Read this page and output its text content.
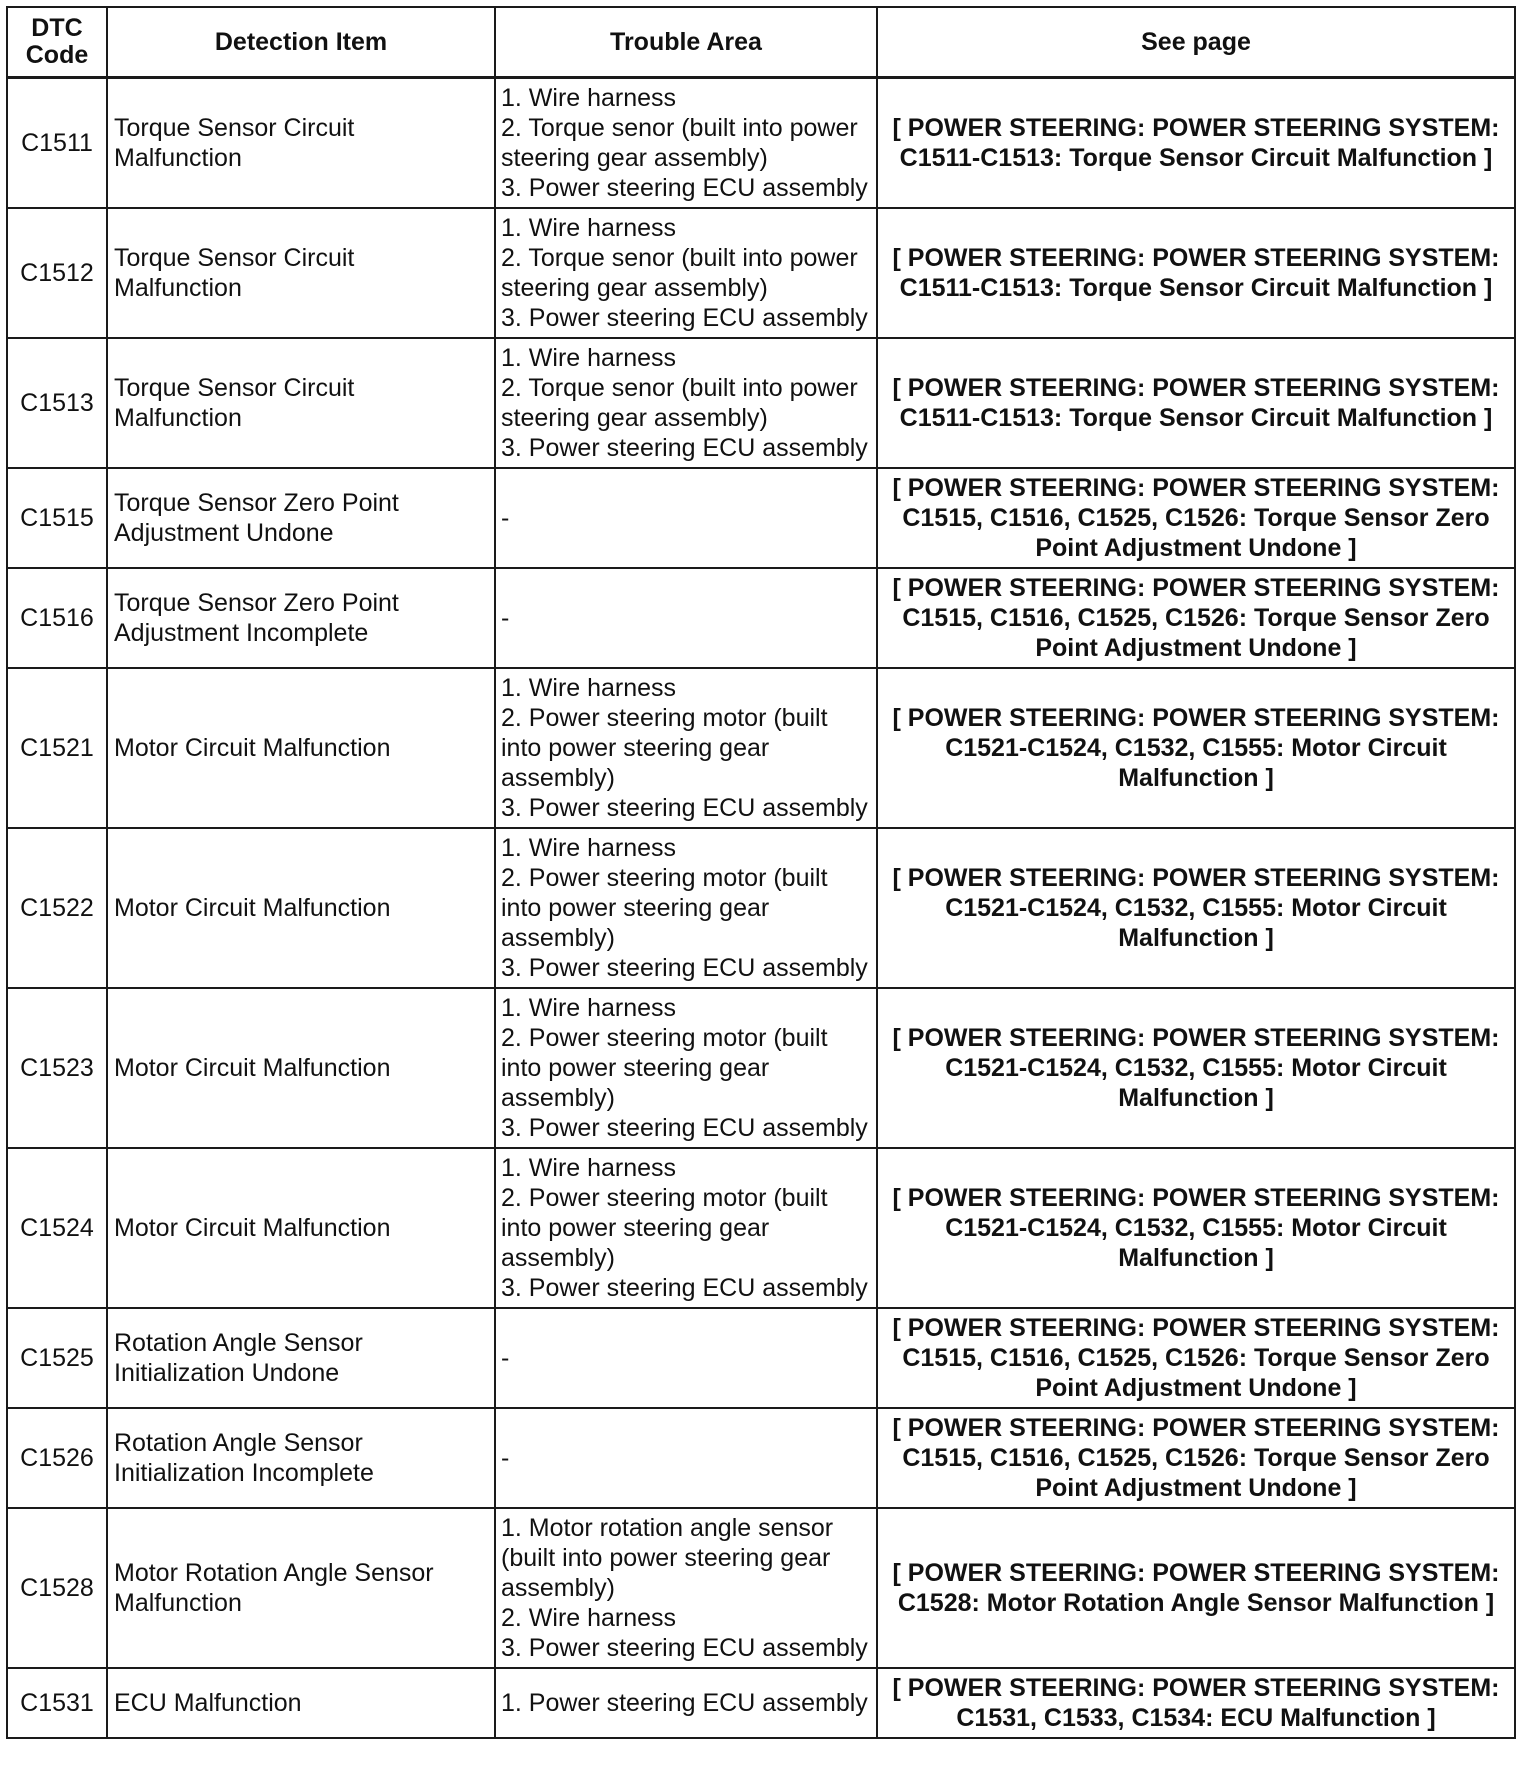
DTC
Code	Detection Item	Trouble Area	See page
C1511	Torque Sensor Circuit
Malfunction	1. Wire harness
2. Torque senor (built into power
steering gear assembly)
3. Power steering ECU assembly	[ POWER STEERING: POWER STEERING SYSTEM:
C1511-C1513: Torque Sensor Circuit Malfunction ]

C1512	Torque Sensor Circuit
Malfunction	1. Wire harness
2. Torque senor (built into power
steering gear assembly)
3. Power steering ECU assembly	[ POWER STEERING: POWER STEERING SYSTEM:
C1511-C1513: Torque Sensor Circuit Malfunction ]

C1513	Torque Sensor Circuit
Malfunction	1. Wire harness
2. Torque senor (built into power
steering gear assembly)
3. Power steering ECU assembly	[ POWER STEERING: POWER STEERING SYSTEM:
C1511-C1513: Torque Sensor Circuit Malfunction ]

C1515	Torque Sensor Zero Point
Adjustment Undone	-	[ POWER STEERING: POWER STEERING SYSTEM:
C1515, C1516, C1525, C1526: Torque Sensor Zero
Point Adjustment Undone ]

C1516	Torque Sensor Zero Point
Adjustment Incomplete	-	[ POWER STEERING: POWER STEERING SYSTEM:
C1515, C1516, C1525, C1526: Torque Sensor Zero
Point Adjustment Undone ]

C1521	Motor Circuit Malfunction	1. Wire harness
2. Power steering motor (built
into power steering gear
assembly)
3. Power steering ECU assembly	[ POWER STEERING: POWER STEERING SYSTEM:
C1521-C1524, C1532, C1555: Motor Circuit
Malfunction ]

C1522	Motor Circuit Malfunction	1. Wire harness
2. Power steering motor (built
into power steering gear
assembly)
3. Power steering ECU assembly	[ POWER STEERING: POWER STEERING SYSTEM:
C1521-C1524, C1532, C1555: Motor Circuit
Malfunction ]

C1523	Motor Circuit Malfunction	1. Wire harness
2. Power steering motor (built
into power steering gear
assembly)
3. Power steering ECU assembly	[ POWER STEERING: POWER STEERING SYSTEM:
C1521-C1524, C1532, C1555: Motor Circuit
Malfunction ]

C1524	Motor Circuit Malfunction	1. Wire harness
2. Power steering motor (built
into power steering gear
assembly)
3. Power steering ECU assembly	[ POWER STEERING: POWER STEERING SYSTEM:
C1521-C1524, C1532, C1555: Motor Circuit
Malfunction ]

C1525	Rotation Angle Sensor
Initialization Undone	-	[ POWER STEERING: POWER STEERING SYSTEM:
C1515, C1516, C1525, C1526: Torque Sensor Zero
Point Adjustment Undone ]

C1526	Rotation Angle Sensor
Initialization Incomplete	-	[ POWER STEERING: POWER STEERING SYSTEM:
C1515, C1516, C1525, C1526: Torque Sensor Zero
Point Adjustment Undone ]

C1528	Motor Rotation Angle Sensor
Malfunction	1. Motor rotation angle sensor
(built into power steering gear
assembly)
2. Wire harness
3. Power steering ECU assembly	[ POWER STEERING: POWER STEERING SYSTEM:
C1528: Motor Rotation Angle Sensor Malfunction ]

C1531	ECU Malfunction	1. Power steering ECU assembly	[ POWER STEERING: POWER STEERING SYSTEM:
C1531, C1533, C1534: ECU Malfunction ]
